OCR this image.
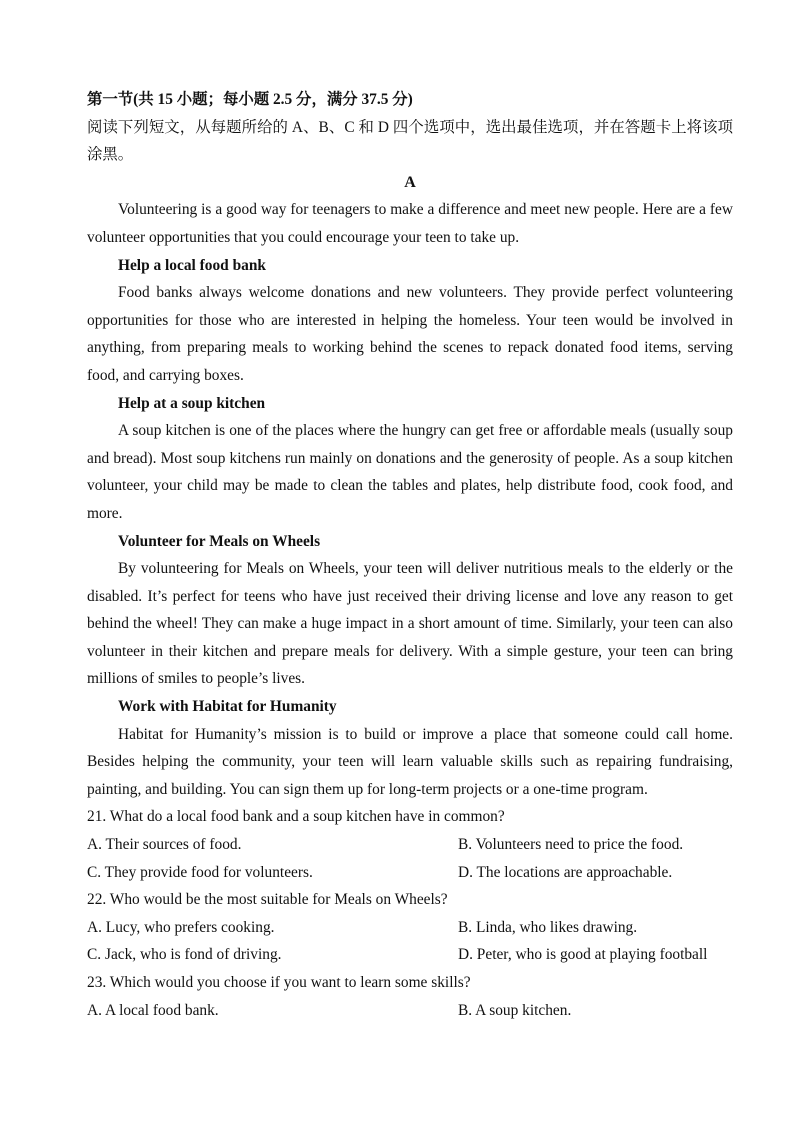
第一节(共 15 小题；每小题 2.5 分，满分 37.5 分)
阅读下列短文，从每题所给的 A、B、C 和 D 四个选项中，选出最佳选项，并在答题卡上将该项涂黑。
A
Volunteering is a good way for teenagers to make a difference and meet new people. Here are a few volunteer opportunities that you could encourage your teen to take up.
Help a local food bank
Food banks always welcome donations and new volunteers. They provide perfect volunteering opportunities for those who are interested in helping the homeless. Your teen would be involved in anything, from preparing meals to working behind the scenes to repack donated food items, serving food, and carrying boxes.
Help at a soup kitchen
A soup kitchen is one of the places where the hungry can get free or affordable meals (usually soup and bread). Most soup kitchens run mainly on donations and the generosity of people. As a soup kitchen volunteer, your child may be made to clean the tables and plates, help distribute food, cook food, and more.
Volunteer for Meals on Wheels
By volunteering for Meals on Wheels, your teen will deliver nutritious meals to the elderly or the disabled. It’s perfect for teens who have just received their driving license and love any reason to get behind the wheel! They can make a huge impact in a short amount of time. Similarly, your teen can also volunteer in their kitchen and prepare meals for delivery. With a simple gesture, your teen can bring millions of smiles to people’s lives.
Work with Habitat for Humanity
Habitat for Humanity’s mission is to build or improve a place that someone could call home. Besides helping the community, your teen will learn valuable skills such as repairing fundraising, painting, and building. You can sign them up for long-term projects or a one-time program.
21. What do a local food bank and a soup kitchen have in common?
A. Their sources of food.	B. Volunteers need to price the food.
C. They provide food for volunteers.	D. The locations are approachable.
22. Who would be the most suitable for Meals on Wheels?
A. Lucy, who prefers cooking.	B. Linda, who likes drawing.
C. Jack, who is fond of driving.	D. Peter, who is good at playing football
23. Which would you choose if you want to learn some skills?
A. A local food bank.	B. A soup kitchen.
